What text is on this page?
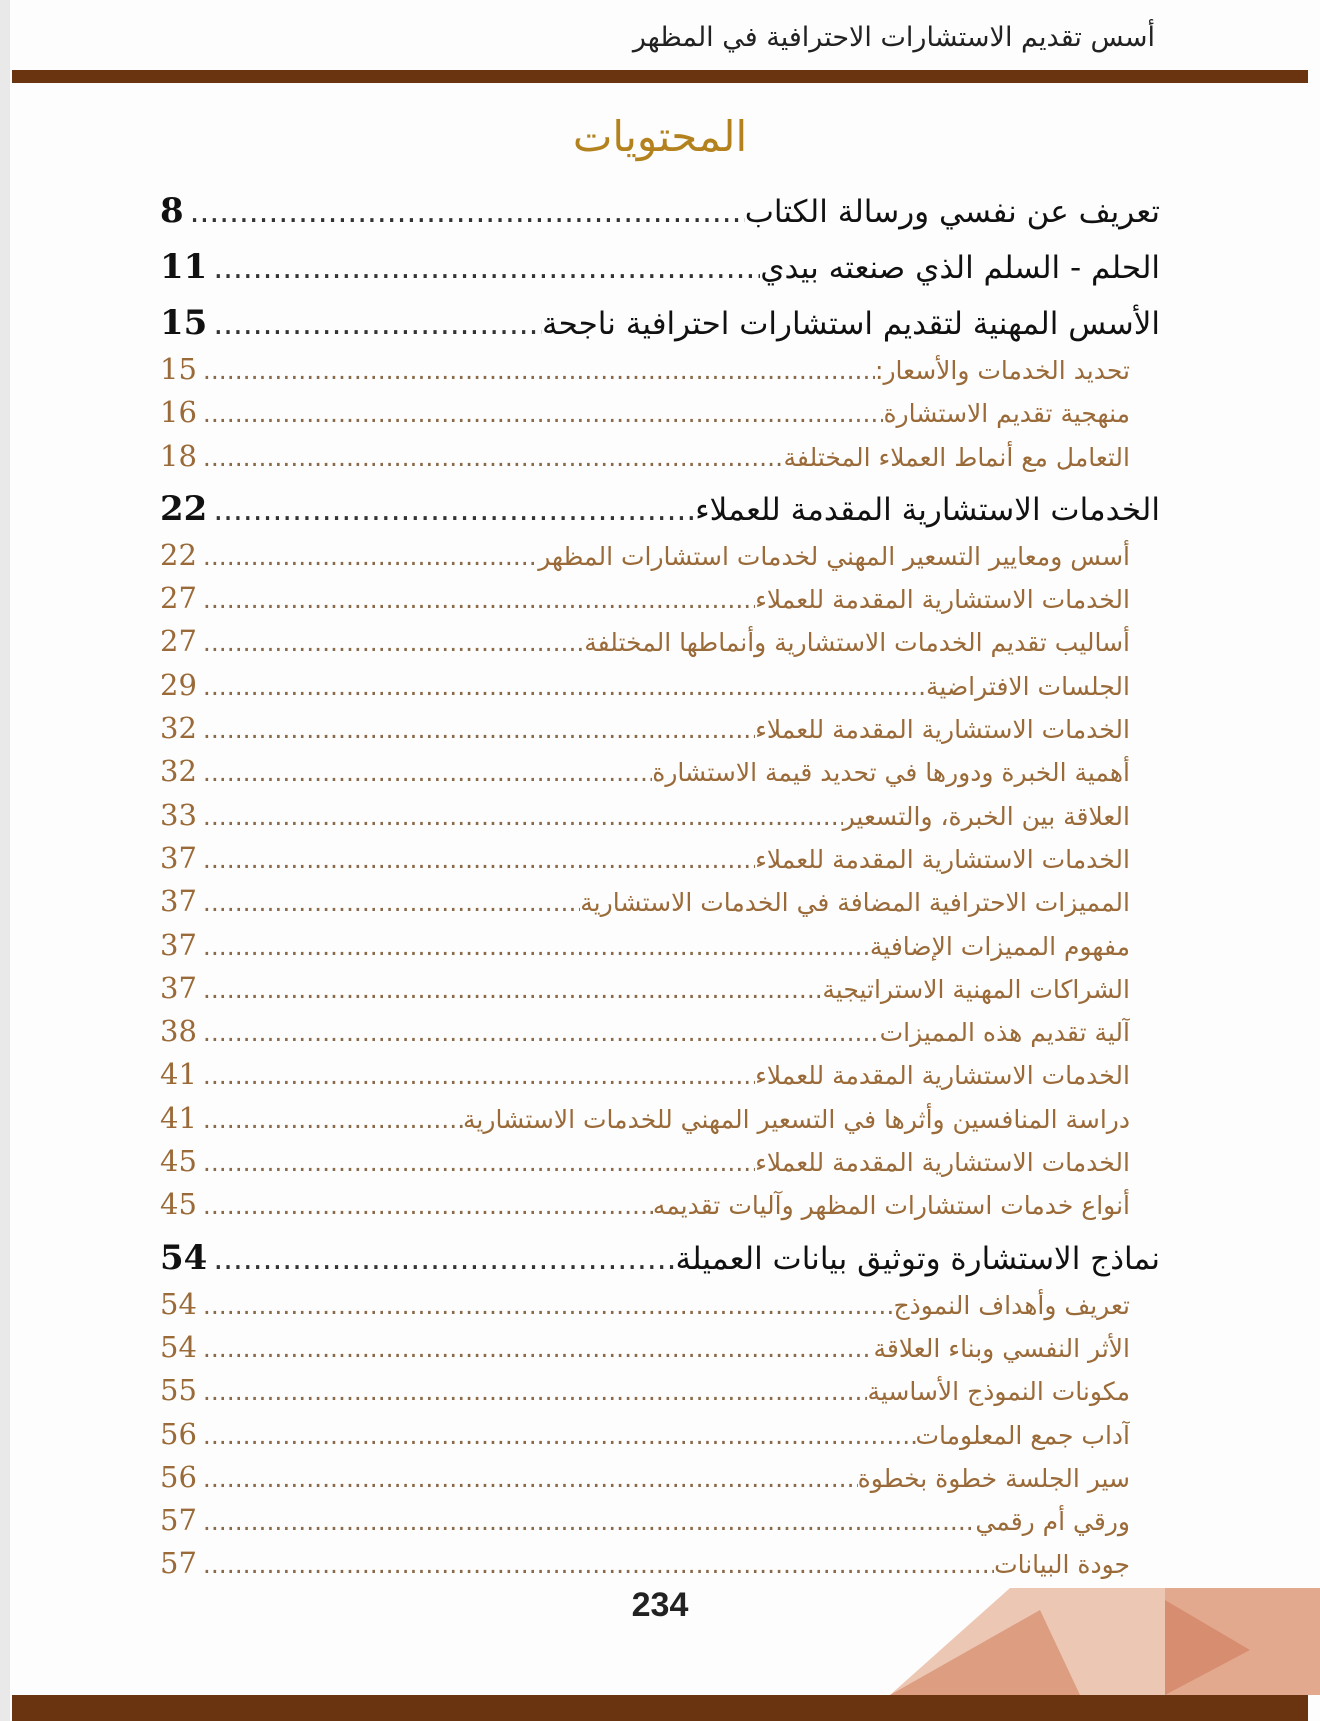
أسس تقديم الاستشارات الاحترافية في المظهر
المحتويات
تعريف عن نفسي ورسالة الكتاب
.....
8
الحلم - السلم الذي صنعته بيدي
.....
11
الأسس المهنية لتقديم استشارات احترافية ناجحة
.....
15
تحديد الخدمات والأسعار:
.....
15
منهجية تقديم الاستشارة
.....
16
التعامل مع أنماط العملاء المختلفة
.....
18
الخدمات الاستشارية المقدمة للعملاء
.....
22
أسس ومعايير التسعير المهني لخدمات استشارات المظهر
.....
22
الخدمات الاستشارية المقدمة للعملاء
.....
27
أساليب تقديم الخدمات الاستشارية وأنماطها المختلفة
.....
27
الجلسات الافتراضية
.....
29
الخدمات الاستشارية المقدمة للعملاء
.....
32
أهمية الخبرة ودورها في تحديد قيمة الاستشارة
.....
32
العلاقة بين الخبرة، والتسعير
.....
33
الخدمات الاستشارية المقدمة للعملاء
.....
37
المميزات الاحترافية المضافة في الخدمات الاستشارية
.....
37
مفهوم المميزات الإضافية
.....
37
الشراكات المهنية الاستراتيجية
.....
37
آلية تقديم هذه المميزات
.....
38
الخدمات الاستشارية المقدمة للعملاء
.....
41
دراسة المنافسين وأثرها في التسعير المهني للخدمات الاستشارية
.....
41
الخدمات الاستشارية المقدمة للعملاء
.....
45
أنواع خدمات استشارات المظهر وآليات تقديمه
.....
45
نماذج الاستشارة وتوثيق بيانات العميلة
.....
54
تعريف وأهداف النموذج
.....
54
الأثر النفسي وبناء العلاقة
.....
54
مكونات النموذج الأساسية
.....
55
آداب جمع المعلومات
.....
56
سير الجلسة خطوة بخطوة
.....
56
ورقي أم رقمي
.....
57
جودة البيانات
.....
57
234
